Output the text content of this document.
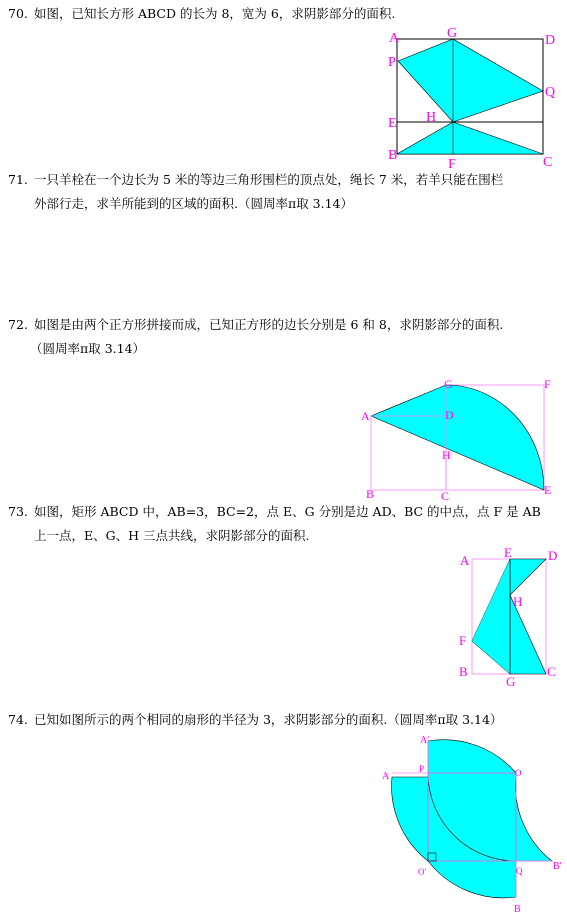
70. 如图，已知长方形 ABCD 的长为 8，宽为 6，求阴影部分的面积.
A	G	D
P
Q
E H
B
F	C
71. 一只羊栓在一个边长为 5 米的等边三角形围栏的顶点处，绳长 7 米，若羊只能在围栏
外部行走，求羊所能到的区域的面积.（圆周率π取 3.14）
72. 如图是由两个正方形拼接而成，已知正方形的边长分别是 6 和 8，求阴影部分的面积.
（圆周率π取 3.14）
G	F
A	D
H
B	C	E
73. 如图，矩形 ABCD 中，AB=3，BC=2，点 E、G 分别是边 AD、BC 的中点，点 F 是 AB
上一点，E、G、H 三点共线，求阴影部分的面积.
A
E	D
H
F
B
G
C
74. 已知如图所示的两个相同的扇形的半径为 3，求阴影部分的面积.（圆周率π取 3.14）
A'
A
P	O
O'	Q	B'
B
